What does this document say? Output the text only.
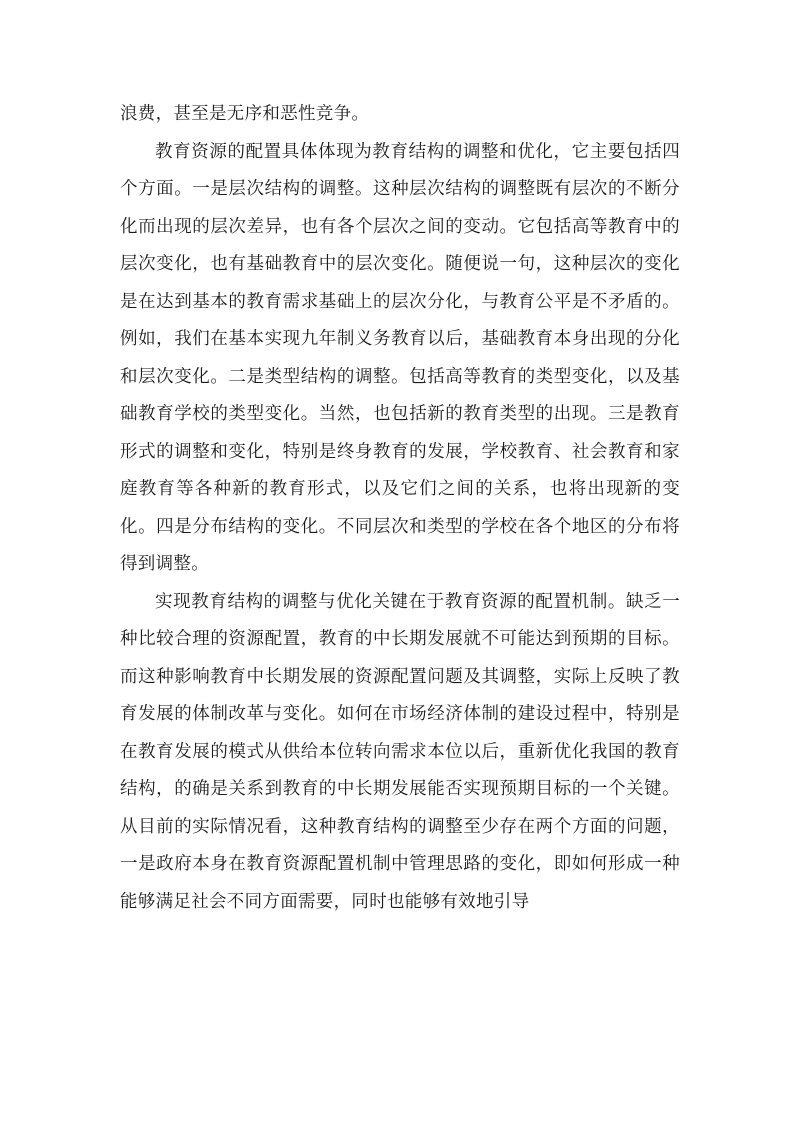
浪费，甚至是无序和恶性竞争。

教育资源的配置具体体现为教育结构的调整和优化，它主要包括四个方面。一是层次结构的调整。这种层次结构的调整既有层次的不断分化而出现的层次差异，也有各个层次之间的变动。它包括高等教育中的层次变化，也有基础教育中的层次变化。随便说一句，这种层次的变化是在达到基本的教育需求基础上的层次分化，与教育公平是不矛盾的。例如，我们在基本实现九年制义务教育以后，基础教育本身出现的分化和层次变化。二是类型结构的调整。包括高等教育的类型变化，以及基础教育学校的类型变化。当然，也包括新的教育类型的出现。三是教育形式的调整和变化，特别是终身教育的发展，学校教育、社会教育和家庭教育等各种新的教育形式，以及它们之间的关系，也将出现新的变化。四是分布结构的变化。不同层次和类型的学校在各个地区的分布将得到调整。

实现教育结构的调整与优化关键在于教育资源的配置机制。缺乏一种比较合理的资源配置，教育的中长期发展就不可能达到预期的目标。而这种影响教育中长期发展的资源配置问题及其调整，实际上反映了教育发展的体制改革与变化。如何在市场经济体制的建设过程中，特别是在教育发展的模式从供给本位转向需求本位以后，重新优化我国的教育结构，的确是关系到教育的中长期发展能否实现预期目标的一个关键。从目前的实际情况看，这种教育结构的调整至少存在两个方面的问题，一是政府本身在教育资源配置机制中管理思路的变化，即如何形成一种能够满足社会不同方面需要，同时也能够有效地引导
